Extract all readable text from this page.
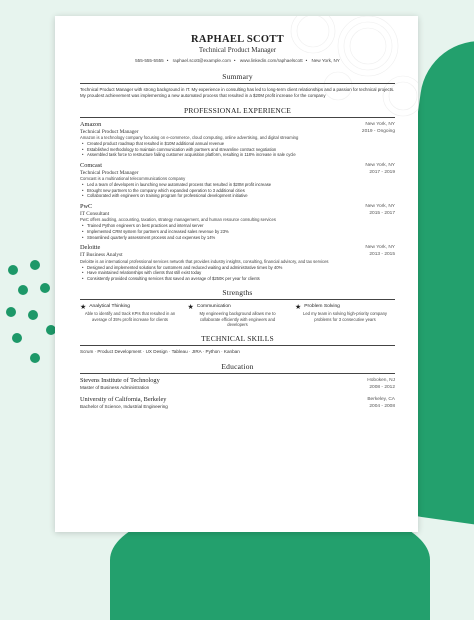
RAPHAEL SCOTT
Technical Product Manager
555-555-5555 • raphael.scott@example.com • www.linkedin.com/raphaelscott • New York, NY
Summary
Technical Product Manager with strong background in IT. My experience in consulting has led to long-term client relationships and a passion for technical projects. My proudest achievement was implementing a new automated process that resulted in a $20M profit increase for the company
PROFESSIONAL EXPERIENCE
Amazon	New York, NY
Technical Product Manager	2019 - Ongoing
Amazon is a technology company focusing on e-commerce, cloud computing, online advertising, and digital streaming
• Created product roadmap that resulted in $10M additional annual revenue
• Established methodology to maintain communication with partners and streamline contract negotiation
• Assembled task force to restructure failing customer acquisition platform, resulting in 118% increase in sale cycle
Comcast	New York, NY
Technical Product Manager	2017 - 2019
Comcast is a multinational telecommunications company
• Led a team of developers in launching new automated process that resulted in $20M profit increase
• Brought new partners to the company which expanded operation to 3 additional cities
• Collaborated with engineers on training program for professional development initiative
PwC	New York, NY
IT Consultant	2015 - 2017
PwC offers auditing, accounting, taxation, strategy management, and human resource consulting services
• Trained Python engineers on best practices and internal server
• Implemented CRM system for partners and increased sales revenue by 23%
• Streamlined quarterly assessment process and cut expenses by 14%
Deloitte	New York, NY
IT Business Analyst	2013 - 2015
Deloitte is an international professional services network that provides industry insights, consulting, financial advisory, and tax services
• Designed and implemented solutions for customers and reduced waiting and administrative times by 40%
• Have maintained relationships with clients that still exist today
• Consistently provided consulting services that saved an average of $250K per year for clients
Strengths
★ Analytical Thinking
Able to identify and track KPIs that resulted in an average of 35% profit increase for clients
★ Communication
My engineering background allows me to collaborate efficiently with engineers and developers
★ Problem Solving
Led my team in solving high-priority company problems for 3 consecutive years
TECHNICAL SKILLS
Scrum · Product Development · UX Design · Tableau · JIRA · Python · Kanban
Education
Stevens Institute of Technology	Hoboken, NJ
Master of Business Administration	2008 - 2012
University of California, Berkeley	Berkeley, CA
Bachelor of Science, Industrial Engineering	2004 - 2008
